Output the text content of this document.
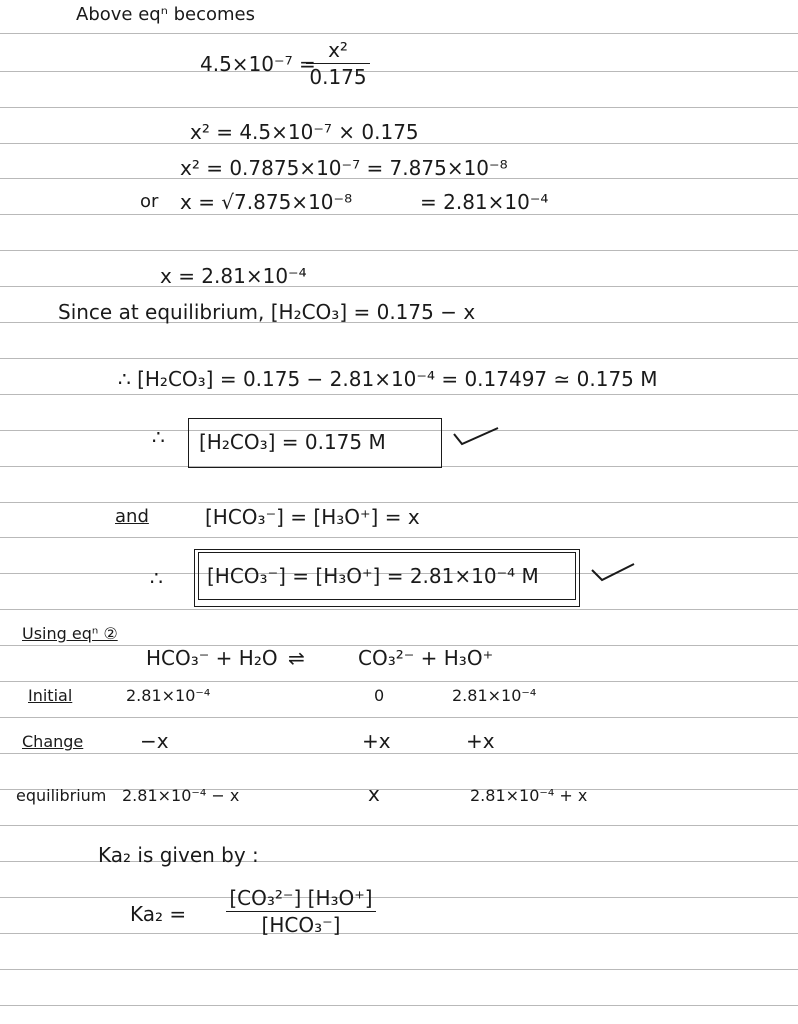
Above eqⁿ becomes
4.5×10⁻⁷ =
x²
0.175
x² = 4.5×10⁻⁷ × 0.175
x² = 0.7875×10⁻⁷ = 7.875×10⁻⁸
or x = √7.875×10⁻⁸	= 2.81×10⁻⁴
x = 2.81×10⁻⁴
Since at equilibrium, [H₂CO₃] = 0.175 − x
∴ [H₂CO₃] = 0.175 − 2.81×10⁻⁴ = 0.17497 ≃ 0.175 M
∴ [H₂CO₃] = 0.175 M
and	[HCO₃⁻] = [H₃O⁺] = x
∴ [HCO₃⁻] = [H₃O⁺] = 2.81×10⁻⁴ M
Using eqⁿ ②
HCO₃⁻ + H₂O ⇌	CO₃²⁻ + H₃O⁺
Initial	2.81×10⁻⁴	0	2.81×10⁻⁴
Change	−x	+x	+x
equilibrium 2.81×10⁻⁴ − x	x	2.81×10⁻⁴ + x
Ka₂ is given by :
Ka₂ =
[CO₃²⁻] [H₃O⁺]
[HCO₃⁻]
